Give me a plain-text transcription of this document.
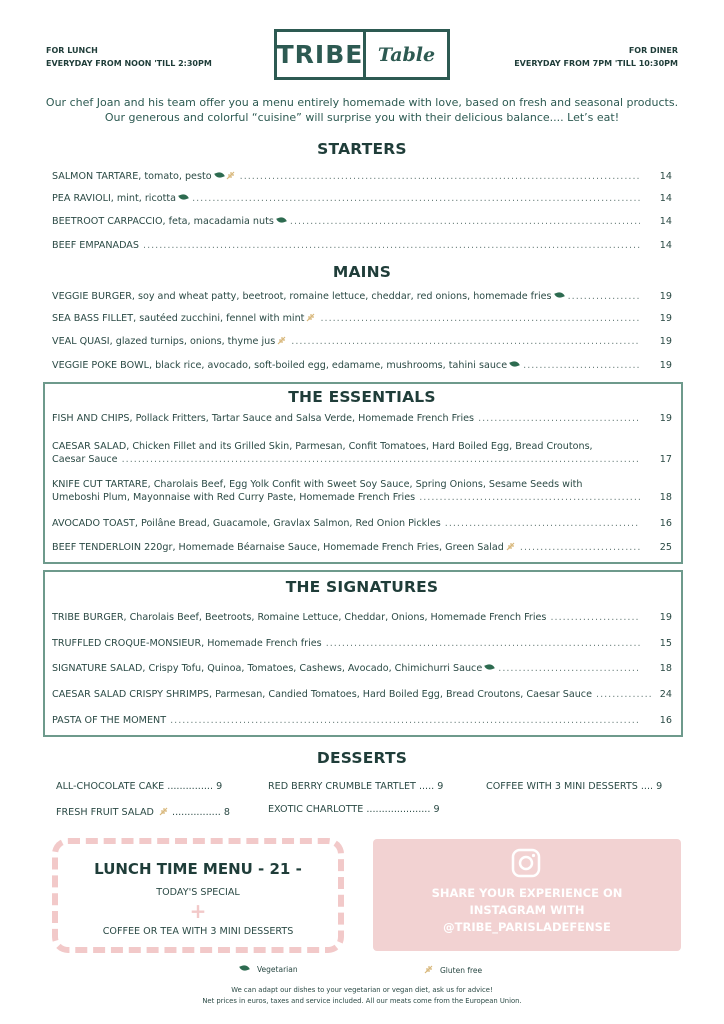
FOR LUNCH
EVERYDAY FROM NOON 'TILL 2:30PM	TRIBE Table	FOR DINER
EVERYDAY FROM 7PM 'TILL 10:30PM
Our chef Joan and his team offer you a menu entirely homemade with love, based on fresh and seasonal products.
Our generous and colorful “cuisine” will surprise you with their delicious balance.... Let’s eat!
STARTERS
SALMON TARTARE, tomato, pesto .....	14
PEA RAVIOLI, mint, ricotta .....	14
BEETROOT CARPACCIO, feta, macadamia nuts .....	14
BEEF EMPANADAS .....	14
MAINS
VEGGIE BURGER, soy and wheat patty, beetroot, romaine lettuce, cheddar, red onions, homemade fries .....	19
SEA BASS FILLET, sautéed zucchini, fennel with mint .....	19
VEAL QUASI, glazed turnips, onions, thyme jus .....	19
VEGGIE POKE BOWL, black rice, avocado, soft-boiled egg, edamame, mushrooms, tahini sauce .....	19
THE ESSENTIALS
FISH AND CHIPS, Pollack Fritters, Tartar Sauce and Salsa Verde, Homemade French Fries .....	19
CAESAR SALAD, Chicken Fillet and its Grilled Skin, Parmesan, Confit Tomatoes, Hard Boiled Egg, Bread Croutons,
Caesar Sauce .....	17
KNIFE CUT TARTARE, Charolais Beef, Egg Yolk Confit with Sweet Soy Sauce, Spring Onions, Sesame Seeds with
Umeboshi Plum, Mayonnaise with Red Curry Paste, Homemade French Fries .....	18
AVOCADO TOAST, Poilâne Bread, Guacamole, Gravlax Salmon, Red Onion Pickles .....	16
BEEF TENDERLOIN 220gr, Homemade Béarnaise Sauce, Homemade French Fries, Green Salad .....	25
THE SIGNATURES
TRIBE BURGER, Charolais Beef, Beetroots, Romaine Lettuce, Cheddar, Onions, Homemade French Fries .....	19
TRUFFLED CROQUE-MONSIEUR, Homemade French fries .....	15
SIGNATURE SALAD, Crispy Tofu, Quinoa, Tomatoes, Cashews, Avocado, Chimichurri Sauce .....	18
CAESAR SALAD CRISPY SHRIMPS, Parmesan, Candied Tomatoes, Hard Boiled Egg, Bread Croutons, Caesar Sauce .....	24
PASTA OF THE MOMENT .....	16
DESSERTS
ALL-CHOCOLATE CAKE ............... 9	RED BERRY CRUMBLE TARTLET ..... 9	COFFEE WITH 3 MINI DESSERTS .... 9
FRESH FRUIT SALAD ................ 8	EXOTIC CHARLOTTE ..................... 9
LUNCH TIME MENU - 21 -
TODAY'S SPECIAL
+
COFFEE OR TEA WITH 3 MINI DESSERTS
SHARE YOUR EXPERIENCE ON
INSTAGRAM WITH
@TRIBE_PARISLADEFENSE
Vegetarian	Gluten free
We can adapt our dishes to your vegetarian or vegan diet, ask us for advice!
Net prices in euros, taxes and service included. All our meats come from the European Union.
